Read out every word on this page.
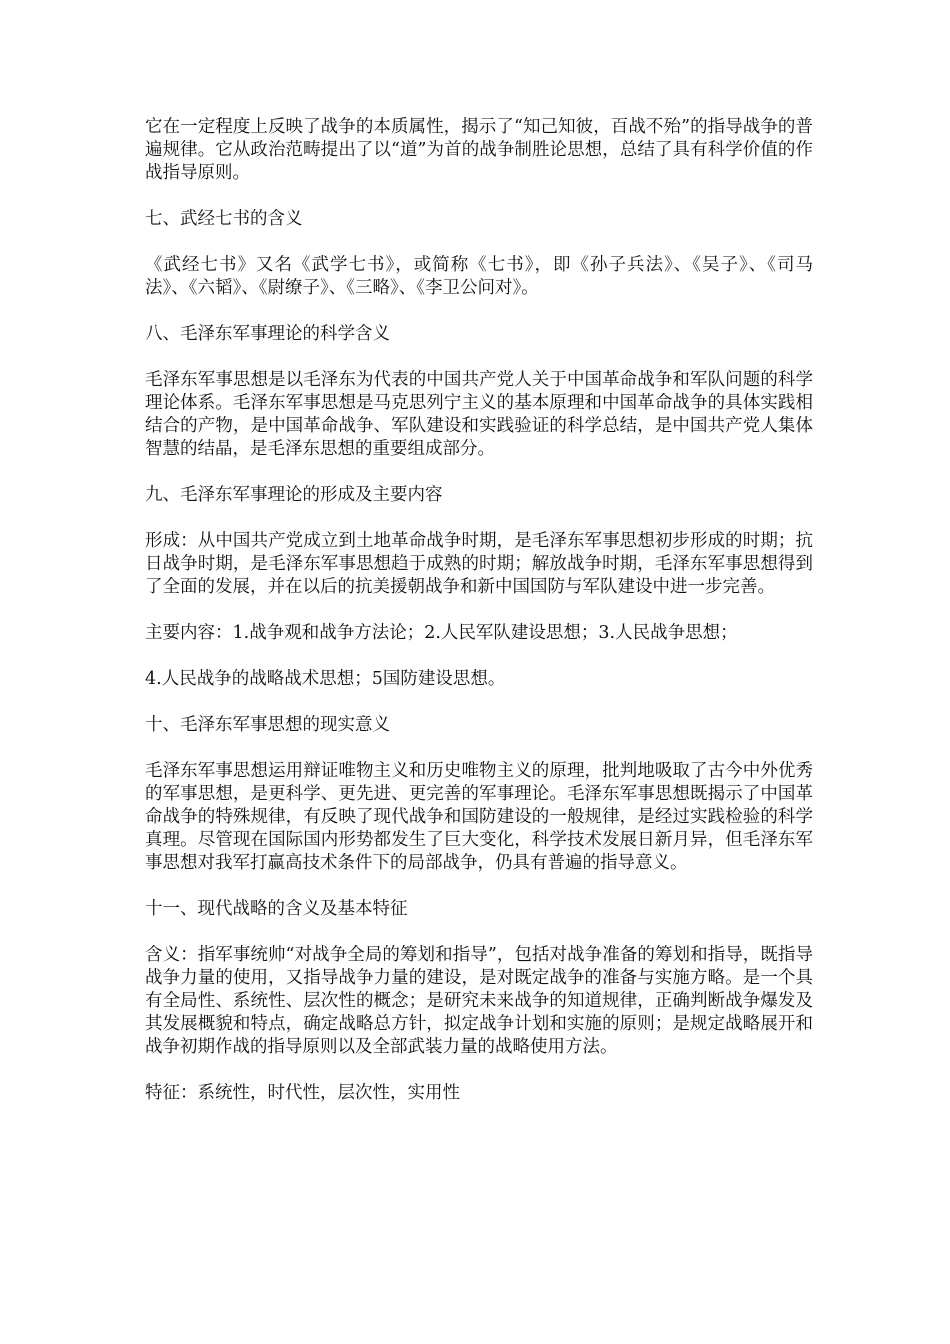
它在一定程度上反映了战争的本质属性，揭示了“知己知彼，百战不殆”的指导战争的普遍规律。它从政治范畴提出了以“道”为首的战争制胜论思想，总结了具有科学价值的作战指导原则。

七、武经七书的含义

《武经七书》又名《武学七书》，或简称《七书》，即《孙子兵法》、《吴子》、《司马法》、《六韬》、《尉缭子》、《三略》、《李卫公问对》。

八、毛泽东军事理论的科学含义

毛泽东军事思想是以毛泽东为代表的中国共产党人关于中国革命战争和军队问题的科学理论体系。毛泽东军事思想是马克思列宁主义的基本原理和中国革命战争的具体实践相结合的产物，是中国革命战争、军队建设和实践验证的科学总结，是中国共产党人集体智慧的结晶，是毛泽东思想的重要组成部分。

九、毛泽东军事理论的形成及主要内容

形成：从中国共产党成立到土地革命战争时期，是毛泽东军事思想初步形成的时期；抗日战争时期，是毛泽东军事思想趋于成熟的时期；解放战争时期，毛泽东军事思想得到了全面的发展，并在以后的抗美援朝战争和新中国国防与军队建设中进一步完善。

主要内容：1.战争观和战争方法论；2.人民军队建设思想；3.人民战争思想；

4.人民战争的战略战术思想；5国防建设思想。

十、毛泽东军事思想的现实意义

毛泽东军事思想运用辩证唯物主义和历史唯物主义的原理，批判地吸取了古今中外优秀的军事思想，是更科学、更先进、更完善的军事理论。毛泽东军事思想既揭示了中国革命战争的特殊规律，有反映了现代战争和国防建设的一般规律，是经过实践检验的科学真理。尽管现在国际国内形势都发生了巨大变化，科学技术发展日新月异，但毛泽东军事思想对我军打赢高技术条件下的局部战争，仍具有普遍的指导意义。

十一、现代战略的含义及基本特征

含义：指军事统帅“对战争全局的筹划和指导”，包括对战争准备的筹划和指导，既指导战争力量的使用，又指导战争力量的建设，是对既定战争的准备与实施方略。是一个具有全局性、系统性、层次性的概念；是研究未来战争的知道规律，正确判断战争爆发及其发展概貌和特点，确定战略总方针，拟定战争计划和实施的原则；是规定战略展开和战争初期作战的指导原则以及全部武装力量的战略使用方法。

特征：系统性，时代性，层次性，实用性
